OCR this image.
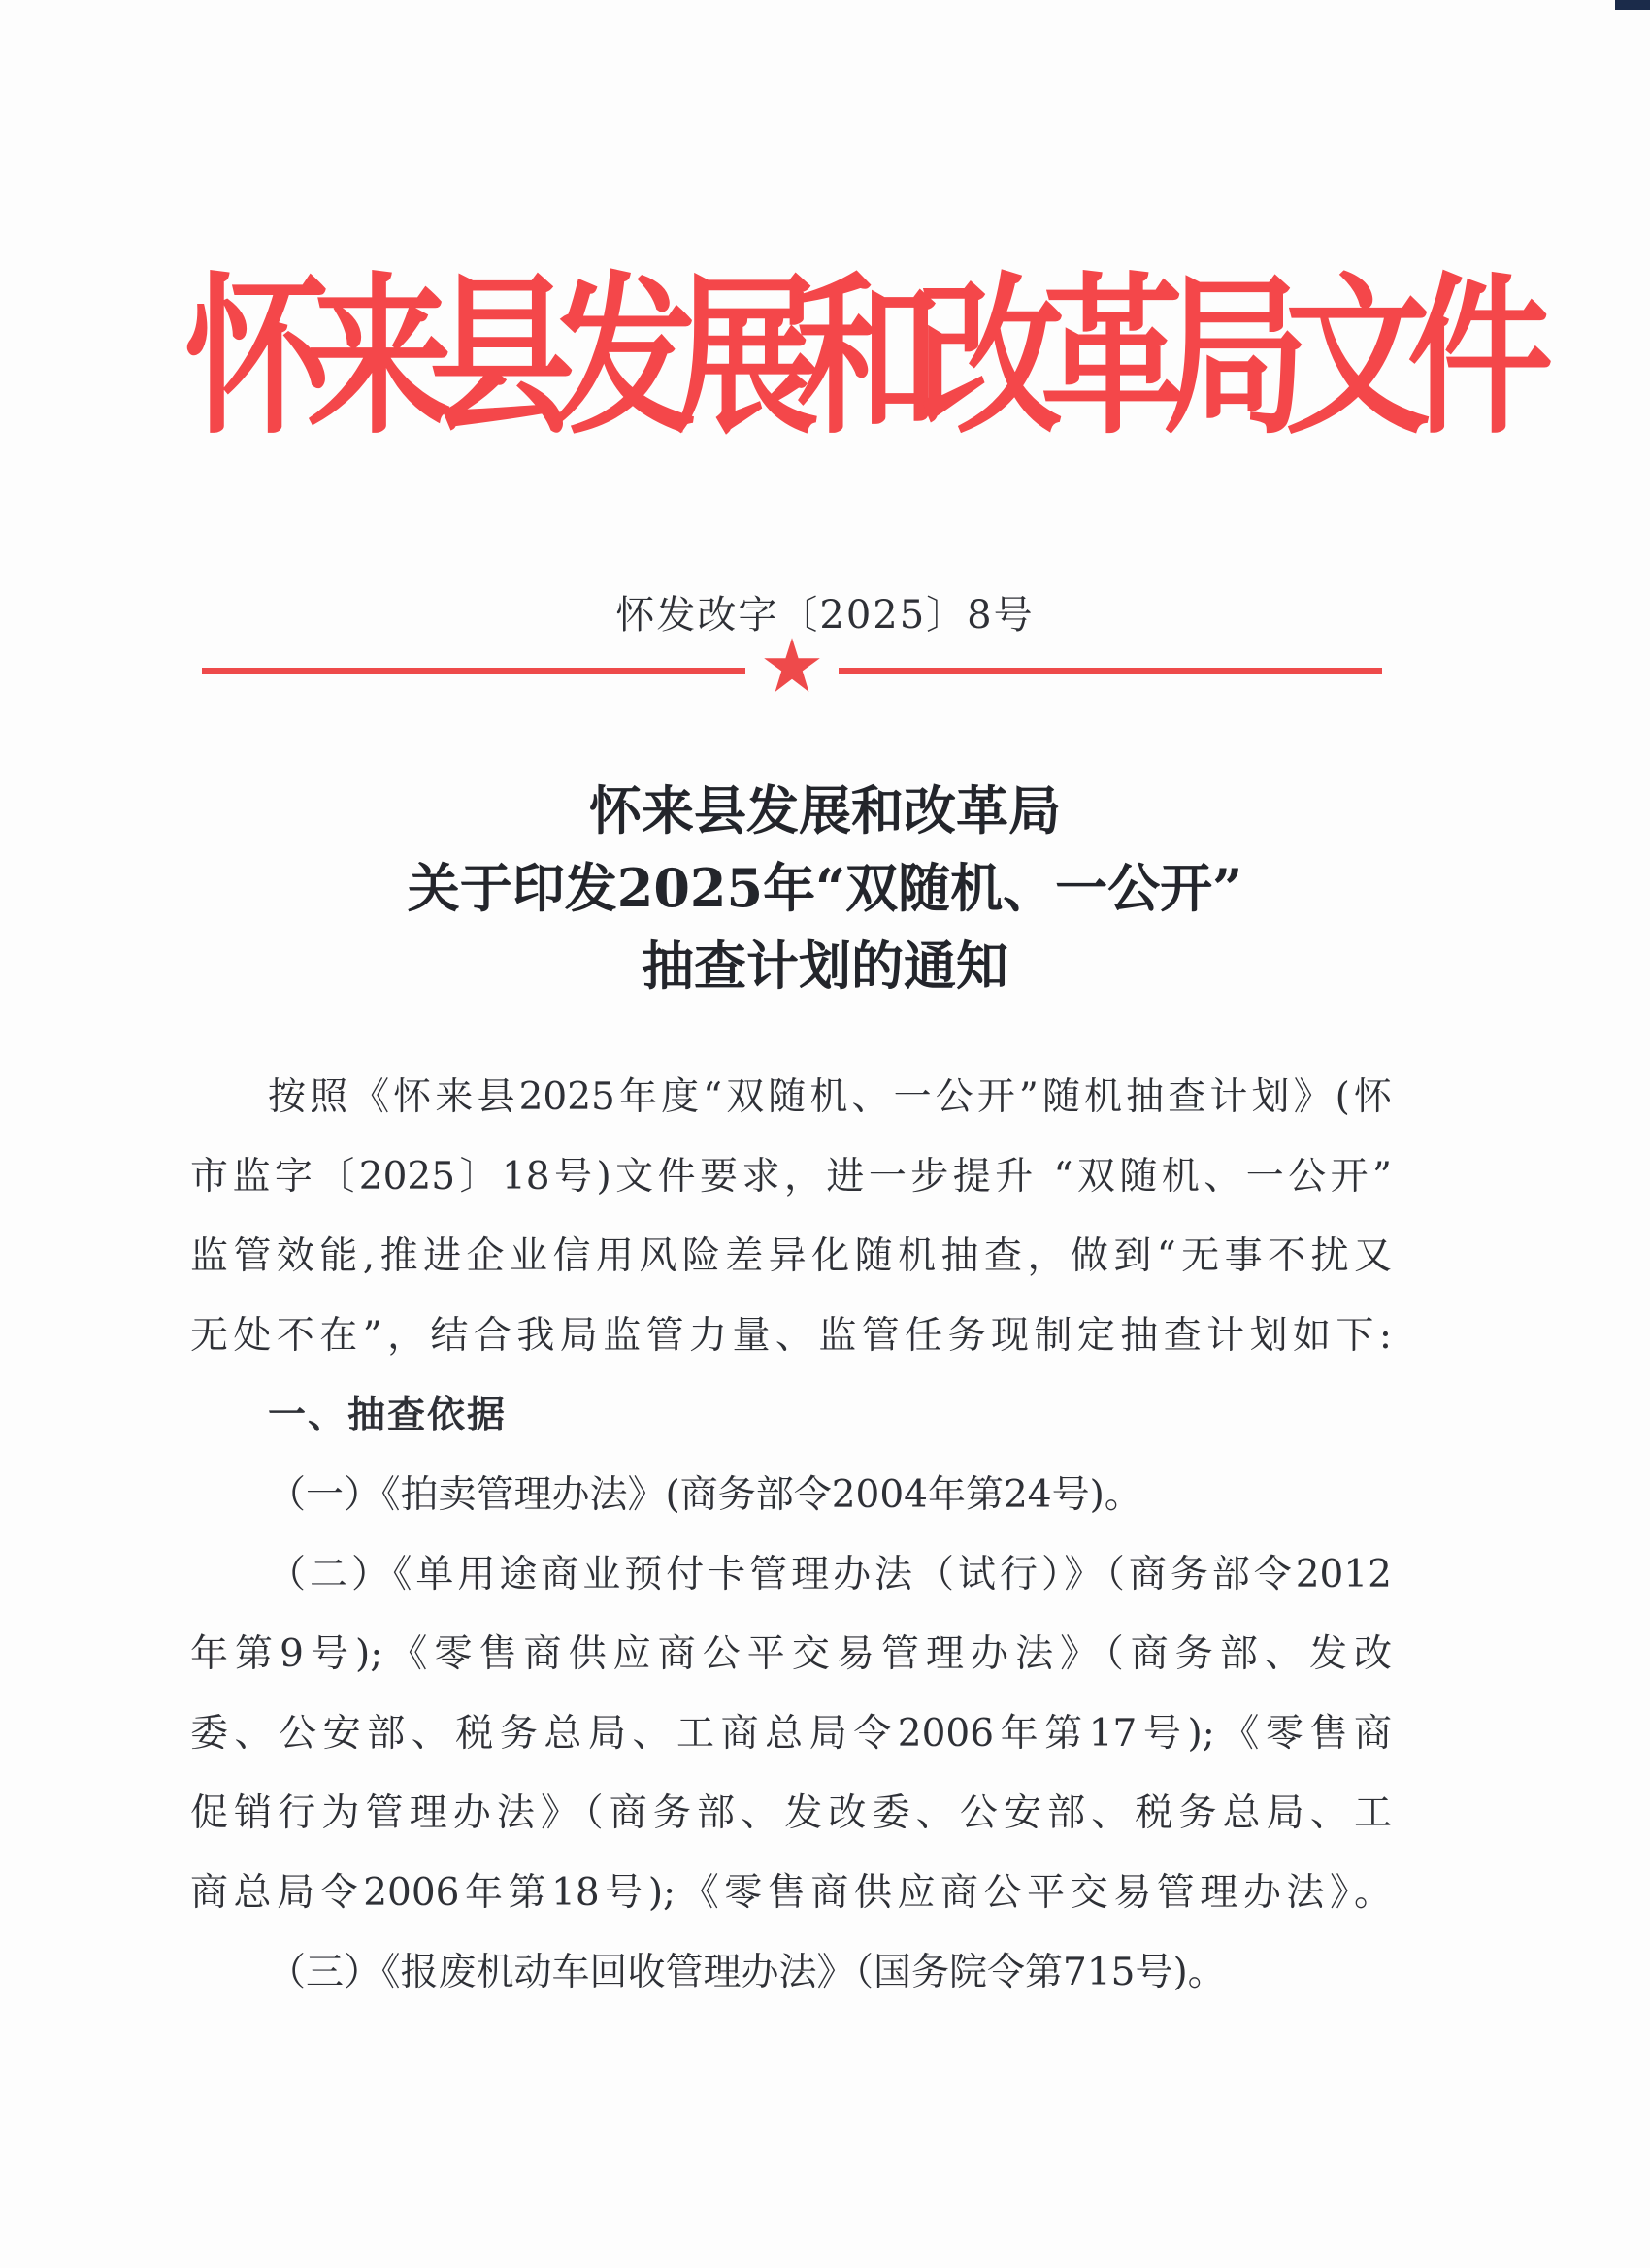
怀
来
县
发
展
和
改
革
局
文
件
怀发改字〔2025〕8号
怀来县发展和改革局
关于印发2025年“双随机、一公开”
抽查计划的通知
按照《怀来县2025年度“双随机、一公开”随机抽查计划》(怀
市监字〔2025〕18号)文件要求，进一步提升 “双随机、一公开”
监管效能,推进企业信用风险差异化随机抽查，做到“无事不扰又
无处不在”，结合我局监管力量、监管任务现制定抽查计划如下:
一、抽查依据
（一）《拍卖管理办法》(商务部令2004年第24号)。
（二）《单用途商业预付卡管理办法（试行）》（商务部令2012
年第9号);《零售商供应商公平交易管理办法》（商务部、发改
委、公安部、税务总局、工商总局令2006年第17号);《零售商
促销行为管理办法》（商务部、发改委、公安部、税务总局、工
商总局令2006年第18号);《零售商供应商公平交易管理办法》。
（三）《报废机动车回收管理办法》（国务院令第715号)。
